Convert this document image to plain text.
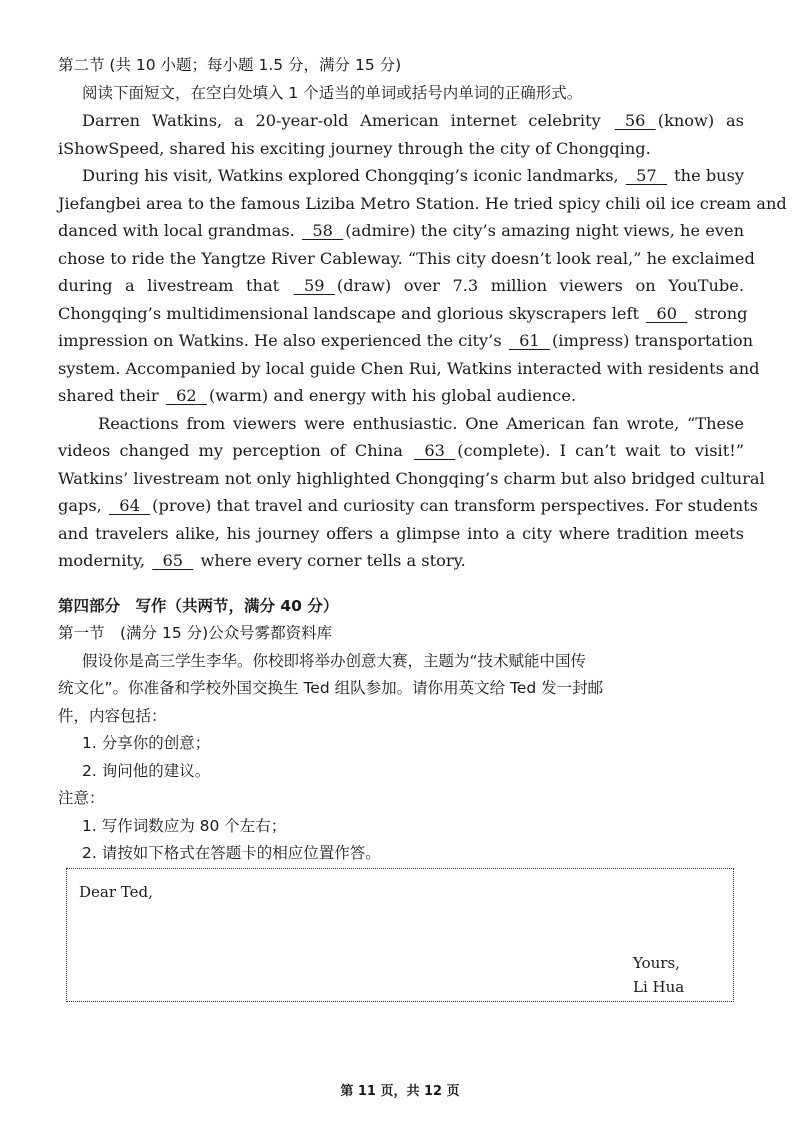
第二节 (共 10 小题；每小题 1.5 分，满分 15 分)
阅读下面短文，在空白处填入 1 个适当的单词或括号内单词的正确形式。
Darren Watkins, a 20-year-old American internet celebrity   56  (know) as
iShowSpeed, shared his exciting journey through the city of Chongqing.
During his visit, Watkins explored Chongqing’s iconic landmarks,   57   the busy
Jiefangbei area to the famous Liziba Metro Station. He tried spicy chili oil ice cream and
danced with local grandmas.   58  (admire) the city’s amazing night views, he even
chose to ride the Yangtze River Cableway. “This city doesn’t look real,” he exclaimed
during a livestream that   59  (draw) over 7.3 million viewers on YouTube.
Chongqing’s multidimensional landscape and glorious skyscrapers left   60   strong
impression on Watkins. He also experienced the city’s   61  (impress) transportation
system. Accompanied by local guide Chen Rui, Watkins interacted with residents and
shared their   62  (warm) and energy with his global audience.
Reactions from viewers were enthusiastic. One American fan wrote, “These
videos changed my perception of China   63  (complete). I can’t wait to visit!”
Watkins’ livestream not only highlighted Chongqing’s charm but also bridged cultural
gaps,   64  (prove) that travel and curiosity can transform perspectives. For students
and travelers alike, his journey offers a glimpse into a city where tradition meets
modernity,   65   where every corner tells a story.
第四部分　写作（共两节，满分 40 分）
第一节　(满分 15 分)公众号雾都资料库
假设你是高三学生李华。你校即将举办创意大赛，主题为“技术赋能中国传
统文化”。你准备和学校外国交换生 Ted 组队参加。请你用英文给 Ted 发一封邮
件，内容包括：
1. 分享你的创意；
2. 询问他的建议。
注意：
1. 写作词数应为 80 个左右；
2. 请按如下格式在答题卡的相应位置作答。
Dear Ted,
Yours,
Li Hua
第 11 页，共 12 页
